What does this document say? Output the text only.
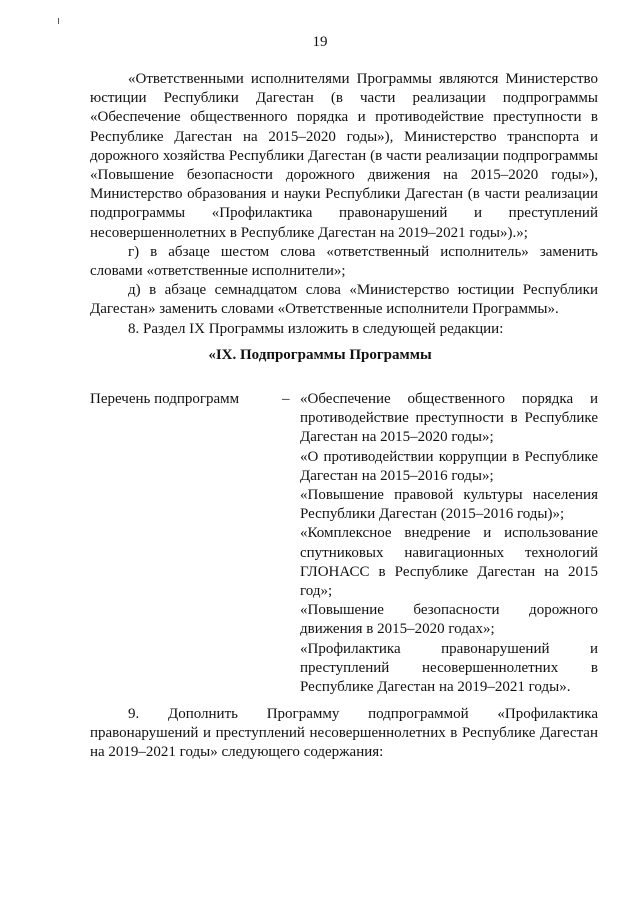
19

«Ответственными исполнителями Программы являются Министерство юстиции Республики Дагестан (в части реализации подпрограммы «Обеспечение общественного порядка и противодействие преступности в Республике Дагестан на 2015–2020 годы»), Министерство транспорта и дорожного хозяйства Республики Дагестан (в части реализации подпрограммы «Повышение безопасности дорожного движения на 2015–2020 годы»), Министерство образования и науки Республики Дагестан (в части реализации подпрограммы «Профилактика правонарушений и преступлений несовершеннолетних в Республике Дагестан на 2019–2021 годы»).»;

г) в абзаце шестом слова «ответственный исполнитель» заменить словами «ответственные исполнители»;

д) в абзаце семнадцатом слова «Министерство юстиции Республики Дагестан» заменить словами «Ответственные исполнители Программы».

8. Раздел IX Программы изложить в следующей редакции:

«IX. Подпрограммы Программы
Перечень подпрограмм	– «Обеспечение общественного порядка и противодействие преступности в Республике Дагестан на 2015–2020 годы»;

«О противодействии коррупции в Республике Дагестан на 2015–2016 годы»;

«Повышение правовой культуры населения Республики Дагестан (2015–2016 годы)»;

«Комплексное внедрение и использование спутниковых навигационных технологий ГЛОНАСС в Республике Дагестан на 2015 год»;

«Повышение безопасности дорожного движения в 2015–2020 годах»;

«Профилактика правонарушений и преступлений несовершеннолетних в Республике Дагестан на 2019–2021 годы».

9. Дополнить Программу подпрограммой «Профилактика правонарушений и преступлений несовершеннолетних в Республике Дагестан на 2019–2021 годы» следующего содержания:
